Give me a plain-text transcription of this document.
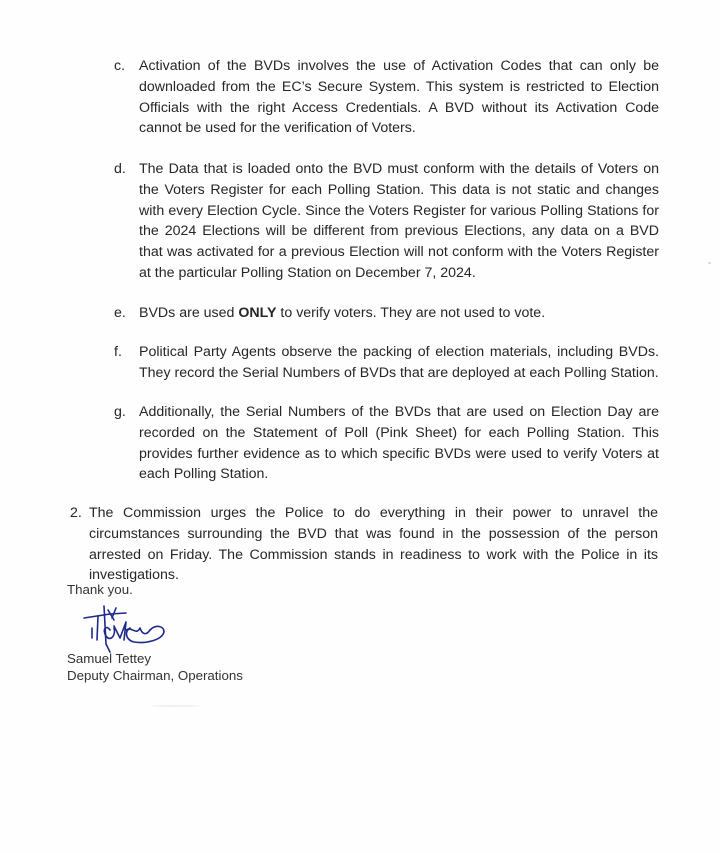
c. Activation of the BVDs involves the use of Activation Codes that can only be downloaded from the EC’s Secure System. This system is restricted to Election Officials with the right Access Credentials. A BVD without its Activation Code cannot be used for the verification of Voters.
d. The Data that is loaded onto the BVD must conform with the details of Voters on the Voters Register for each Polling Station. This data is not static and changes with every Election Cycle. Since the Voters Register for various Polling Stations for the 2024 Elections will be different from previous Elections, any data on a BVD that was activated for a previous Election will not conform with the Voters Register at the particular Polling Station on December 7, 2024.
e. BVDs are used ONLY to verify voters. They are not used to vote.
f.	Political Party Agents observe the packing of election materials, including BVDs. They record the Serial Numbers of BVDs that are deployed at each Polling Station.
g. Additionally, the Serial Numbers of the BVDs that are used on Election Day are recorded on the Statement of Poll (Pink Sheet) for each Polling Station. This provides further evidence as to which specific BVDs were used to verify Voters at each Polling Station.
2. The Commission urges the Police to do everything in their power to unravel the circumstances surrounding the BVD that was found in the possession of the person arrested on Friday. The Commission stands in readiness to work with the Police in its investigations.
Thank you.
Samuel Tettey
Deputy Chairman, Operations
